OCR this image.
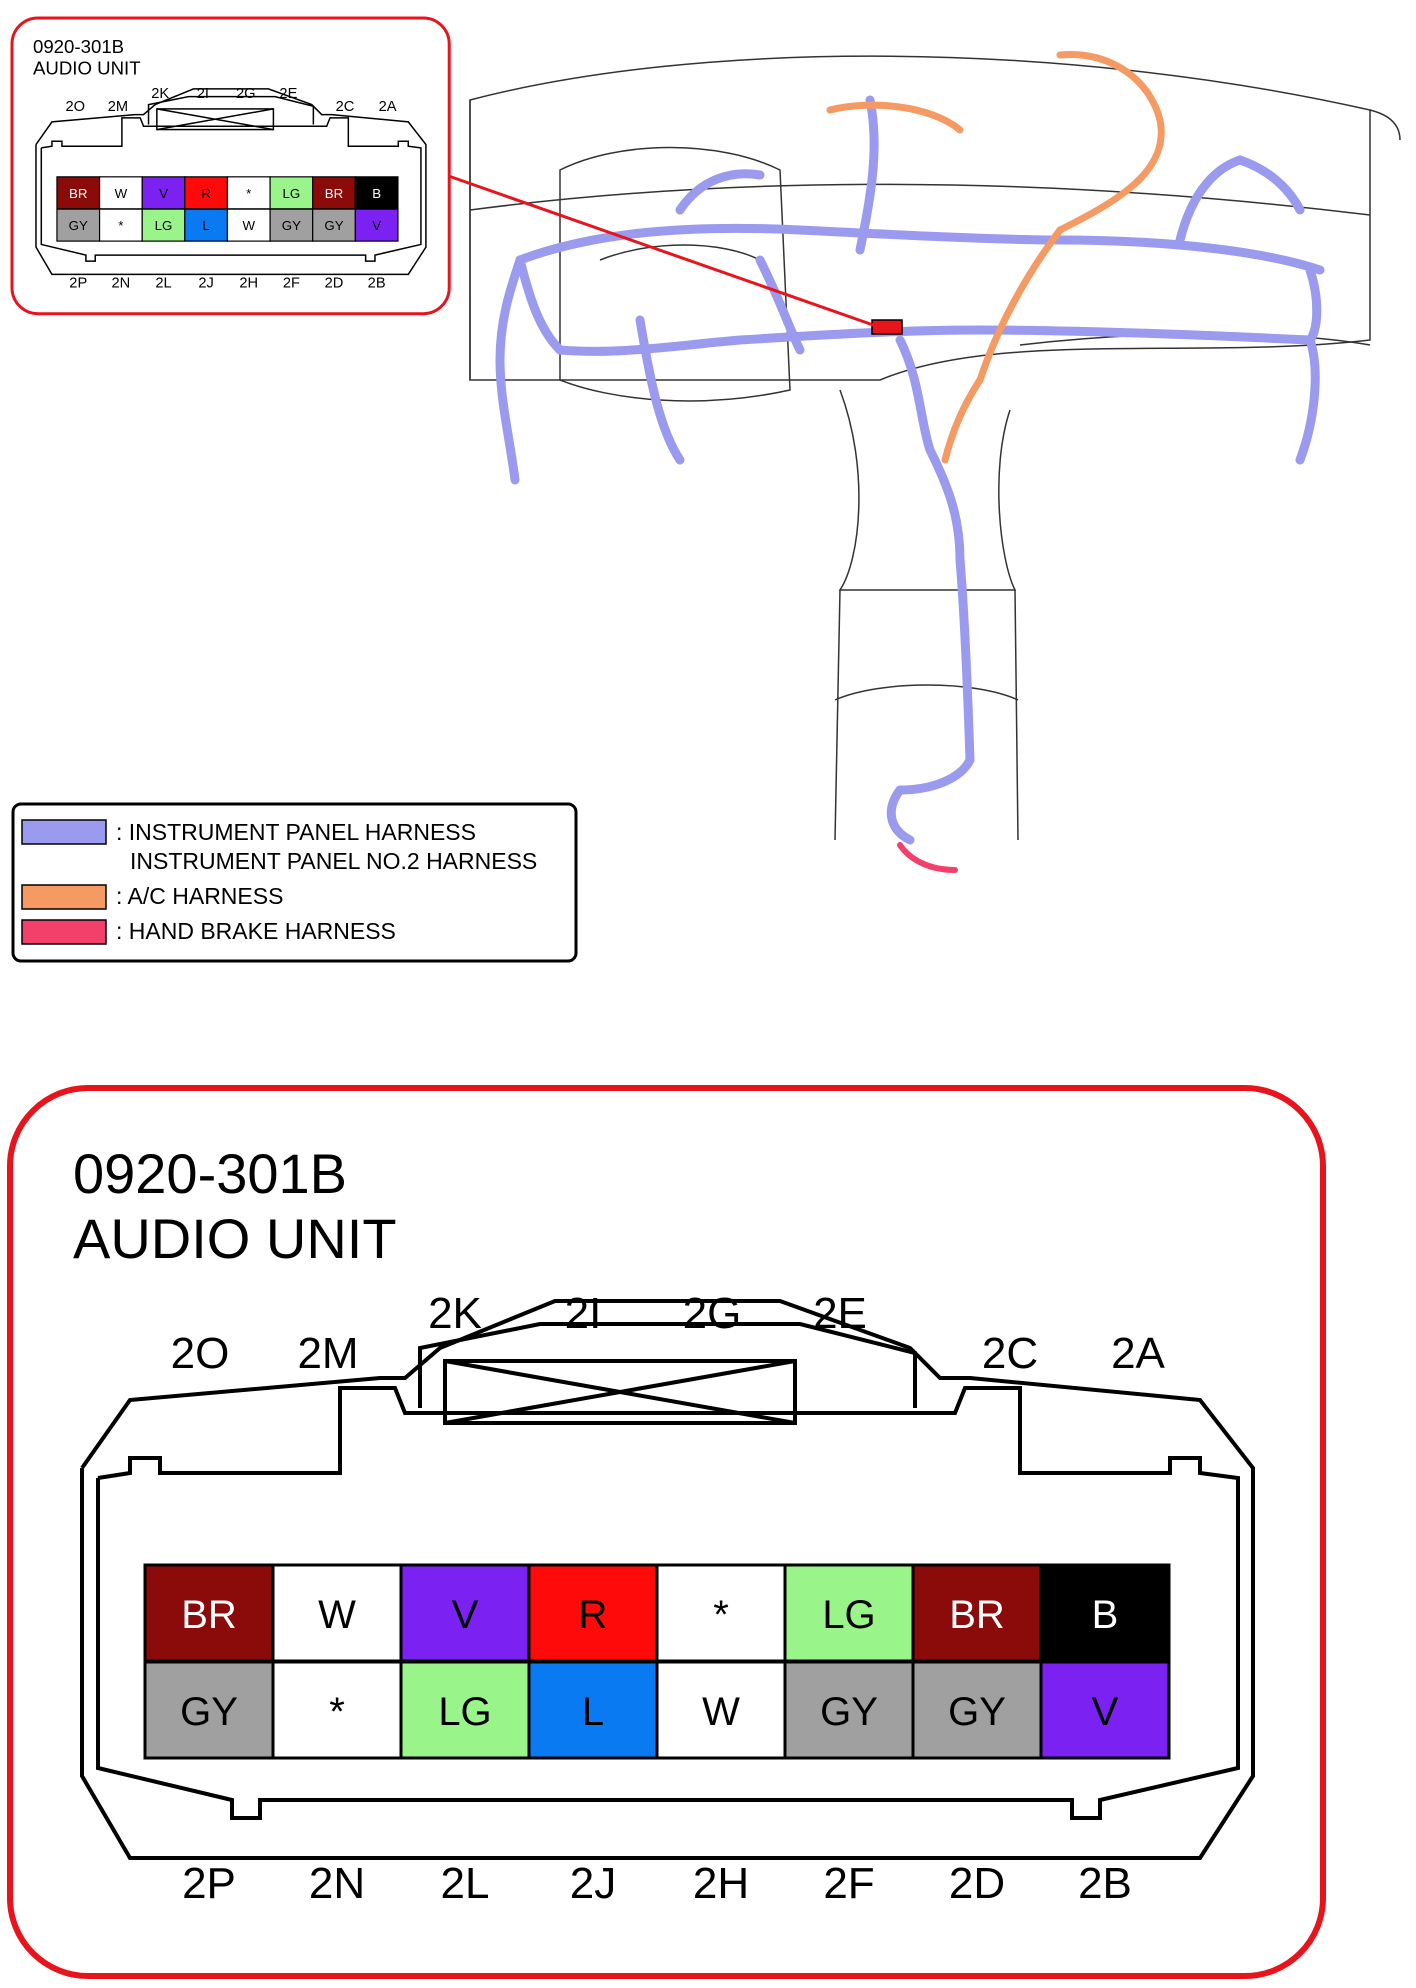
0920-301B
AUDIO UNIT
BR W V	R	* LG BR B
GY * LG L W GY GY V
2O 2M	2C 2A
2K 2I 2G 2E
2P 2N 2L 2J 2H 2F 2D 2B
: INSTRUMENT PANEL HARNESS
INSTRUMENT PANEL NO.2 HARNESS
: A/C HARNESS
: HAND BRAKE HARNESS
0920-301B
AUDIO UNIT
BR W V	R	* LG BR B
GY * LG L W GY GY V
2O 2M	2C 2A
2K 2I 2G 2E
2P 2N 2L 2J 2H 2F 2D 2B
